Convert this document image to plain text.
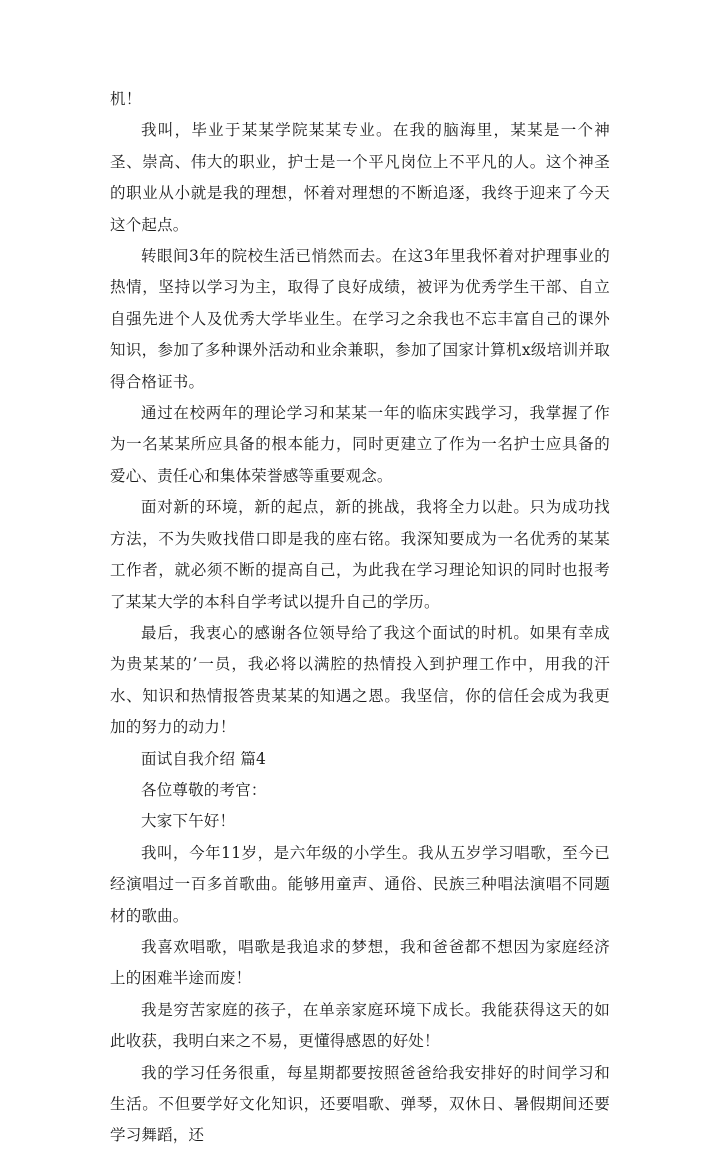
机！

我叫，毕业于某某学院某某专业。在我的脑海里，某某是一个神圣、崇高、伟大的职业，护士是一个平凡岗位上不平凡的人。这个神圣的职业从小就是我的理想，怀着对理想的不断追逐，我终于迎来了今天这个起点。

转眼间3年的院校生活已悄然而去。在这3年里我怀着对护理事业的热情，坚持以学习为主，取得了良好成绩，被评为优秀学生干部、自立自强先进个人及优秀大学毕业生。在学习之余我也不忘丰富自己的课外知识，参加了多种课外活动和业余兼职，参加了国家计算机x级培训并取得合格证书。

通过在校两年的理论学习和某某一年的临床实践学习，我掌握了作为一名某某所应具备的根本能力，同时更建立了作为一名护士应具备的爱心、责任心和集体荣誉感等重要观念。

面对新的环境，新的起点，新的挑战，我将全力以赴。只为成功找方法，不为失败找借口即是我的座右铭。我深知要成为一名优秀的某某工作者，就必须不断的提高自己，为此我在学习理论知识的同时也报考了某某大学的本科自学考试以提升自己的学历。

最后，我衷心的感谢各位领导给了我这个面试的时机。如果有幸成为贵某某的’一员，我必将以满腔的热情投入到护理工作中，用我的汗水、知识和热情报答贵某某的知遇之恩。我坚信，你的信任会成为我更加的努力的动力！

面试自我介绍 篇4

各位尊敬的考官：

大家下午好！

我叫，今年11岁，是六年级的小学生。我从五岁学习唱歌，至今已经演唱过一百多首歌曲。能够用童声、通俗、民族三种唱法演唱不同题材的歌曲。

我喜欢唱歌，唱歌是我追求的梦想，我和爸爸都不想因为家庭经济上的困难半途而废！

我是穷苦家庭的孩子，在单亲家庭环境下成长。我能获得这天的如此收获，我明白来之不易，更懂得感恩的好处！

我的学习任务很重，每星期都要按照爸爸给我安排好的时间学习和生活。不但要学好文化知识，还要唱歌、弹琴，双休日、暑假期间还要学习舞蹈，还
